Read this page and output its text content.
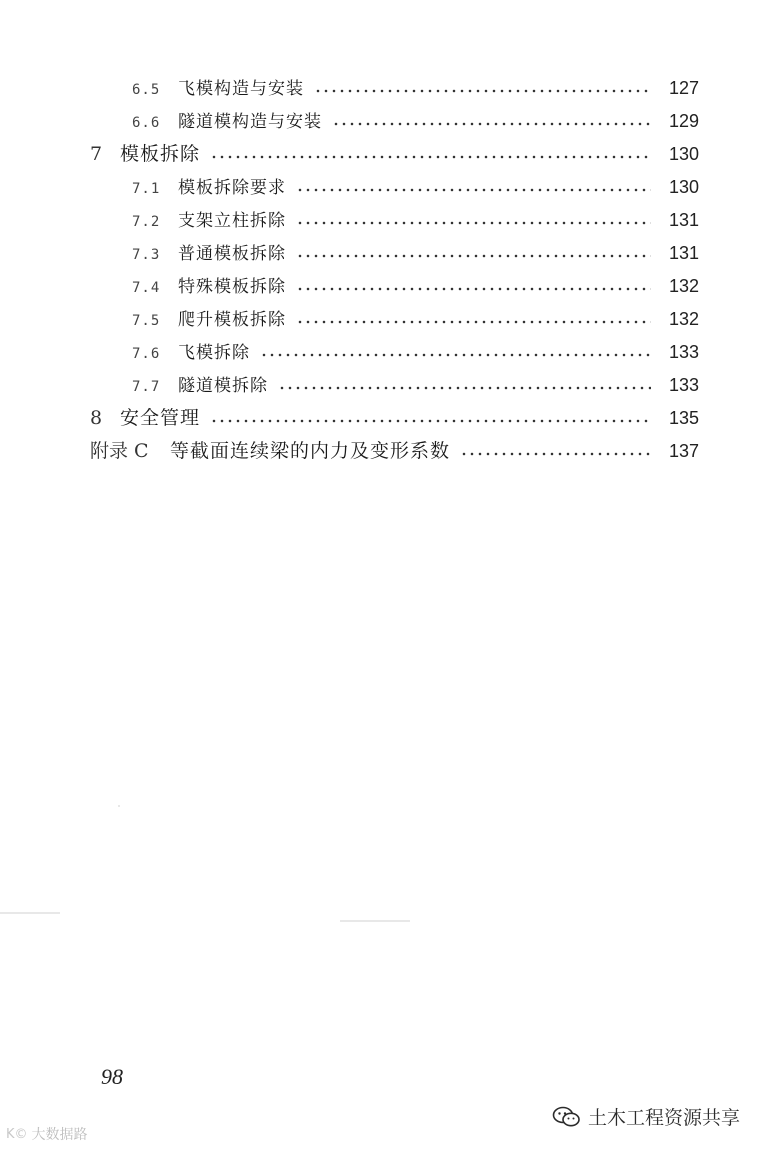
6.5	飞模构造与安装	127
6.6	隧道模构造与安装	129
7 模板拆除	130
7.1	模板拆除要求	130
7.2	支架立柱拆除	131
7.3	普通模板拆除	131
7.4	特殊模板拆除	132
7.5	爬升模板拆除	132
7.6	飞模拆除	133
7.7	隧道模拆除	133
8 安全管理	135
附录 C	等截面连续梁的内力及变形系数	137
98
K© 大数据路
土木工程资源共享
